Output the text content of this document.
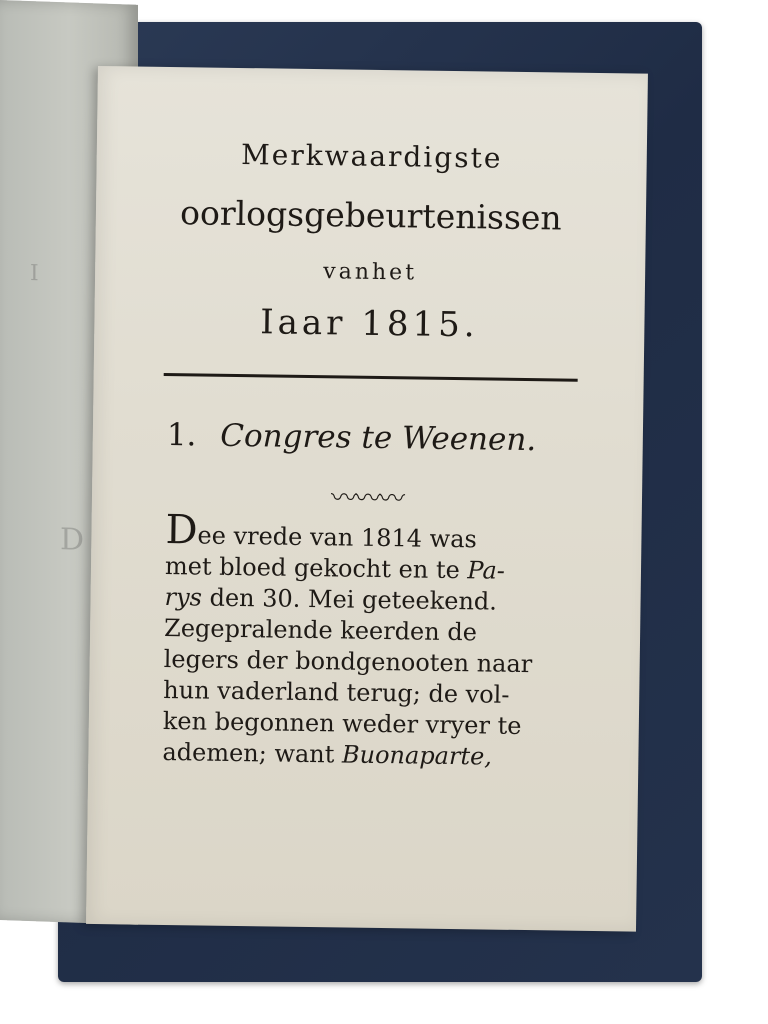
I
D
Merkwaardigste
oorlogsgebeurtenissen
vanhet
Iaar 1815.
1. Congres te Weenen.
〰〰〰
Dee vrede van 1814 was
met bloed gekocht en te Pa-
rys den 30. Mei geteekend.
Zegepralende keerden de
legers der bondgenooten naar
hun vaderland terug; de vol-
ken begonnen weder vryer te
ademen; want Buonaparte,
